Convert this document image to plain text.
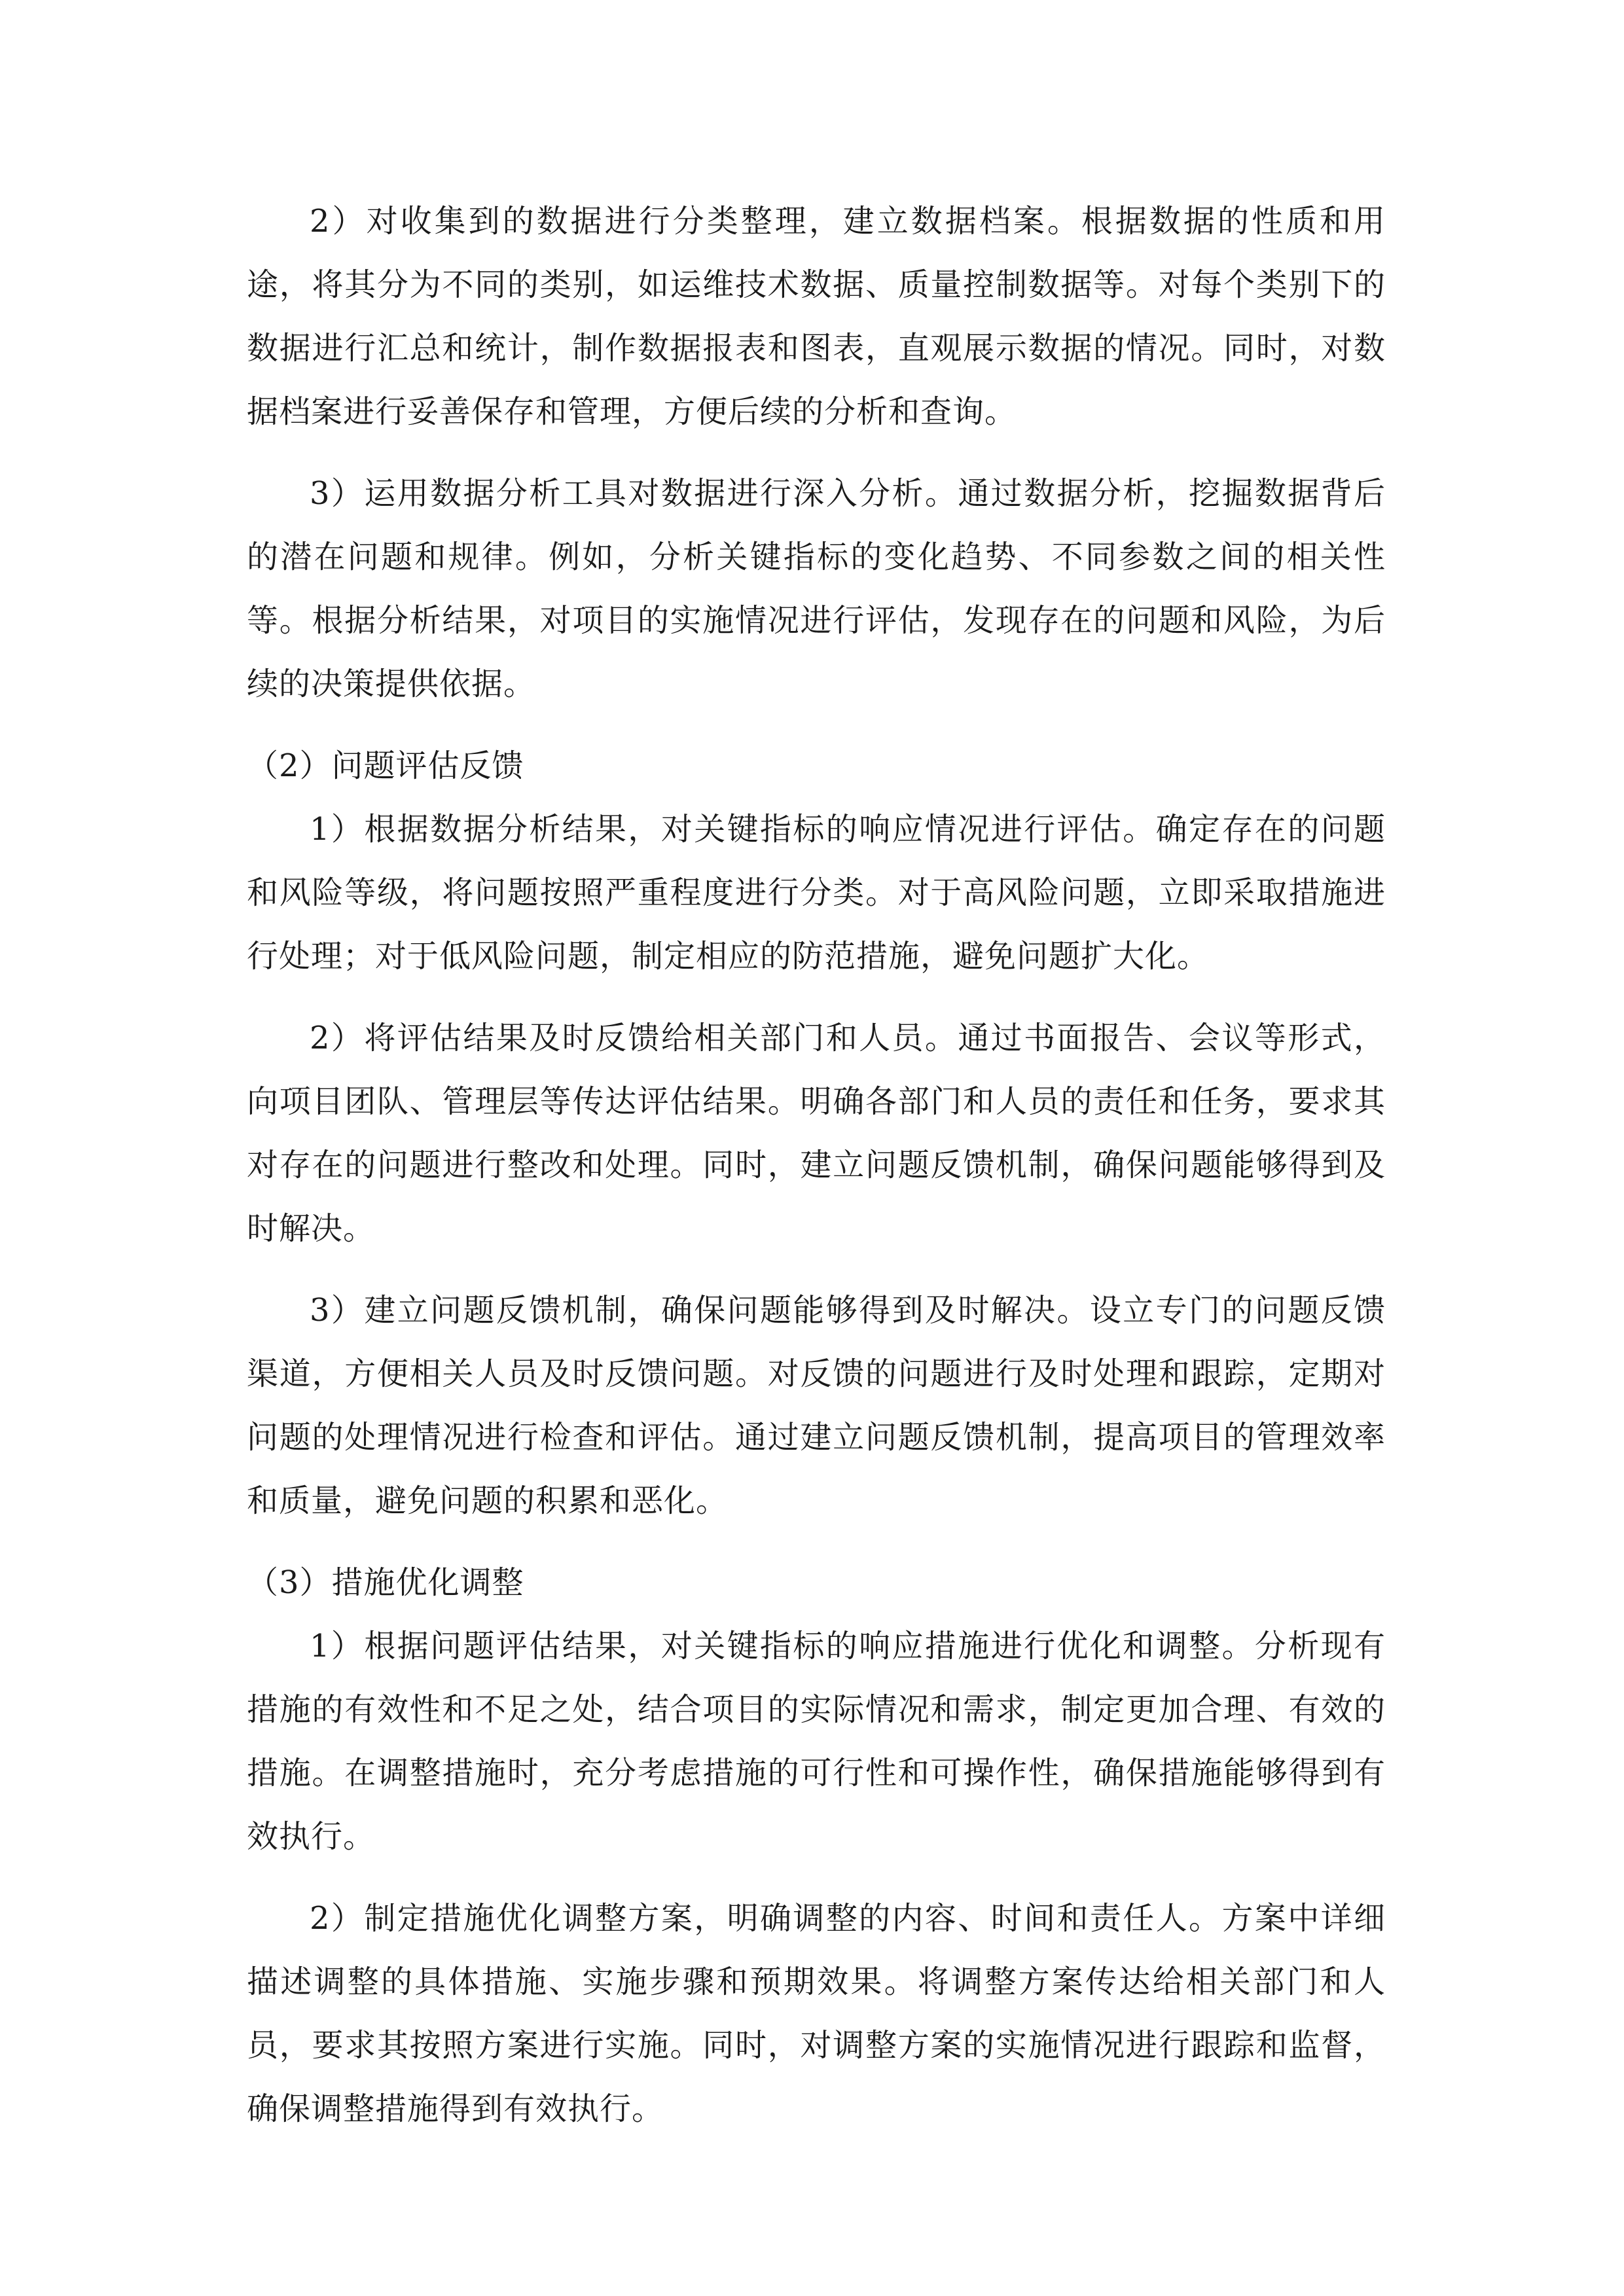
2）对收集到的数据进行分类整理，建立数据档案。根据数据的性质和用途，将其分为不同的类别，如运维技术数据、质量控制数据等。对每个类别下的数据进行汇总和统计，制作数据报表和图表，直观展示数据的情况。同时，对数据档案进行妥善保存和管理，方便后续的分析和查询。

3）运用数据分析工具对数据进行深入分析。通过数据分析，挖掘数据背后的潜在问题和规律。例如，分析关键指标的变化趋势、不同参数之间的相关性等。根据分析结果，对项目的实施情况进行评估，发现存在的问题和风险，为后续的决策提供依据。

（2）问题评估反馈

1）根据数据分析结果，对关键指标的响应情况进行评估。确定存在的问题和风险等级，将问题按照严重程度进行分类。对于高风险问题，立即采取措施进行处理；对于低风险问题，制定相应的防范措施，避免问题扩大化。

2）将评估结果及时反馈给相关部门和人员。通过书面报告、会议等形式，向项目团队、管理层等传达评估结果。明确各部门和人员的责任和任务，要求其对存在的问题进行整改和处理。同时，建立问题反馈机制，确保问题能够得到及时解决。

3）建立问题反馈机制，确保问题能够得到及时解决。设立专门的问题反馈渠道，方便相关人员及时反馈问题。对反馈的问题进行及时处理和跟踪，定期对问题的处理情况进行检查和评估。通过建立问题反馈机制，提高项目的管理效率和质量，避免问题的积累和恶化。

（3）措施优化调整

1）根据问题评估结果，对关键指标的响应措施进行优化和调整。分析现有措施的有效性和不足之处，结合项目的实际情况和需求，制定更加合理、有效的措施。在调整措施时，充分考虑措施的可行性和可操作性，确保措施能够得到有效执行。

2）制定措施优化调整方案，明确调整的内容、时间和责任人。方案中详细描述调整的具体措施、实施步骤和预期效果。将调整方案传达给相关部门和人员，要求其按照方案进行实施。同时，对调整方案的实施情况进行跟踪和监督，确保调整措施得到有效执行。
